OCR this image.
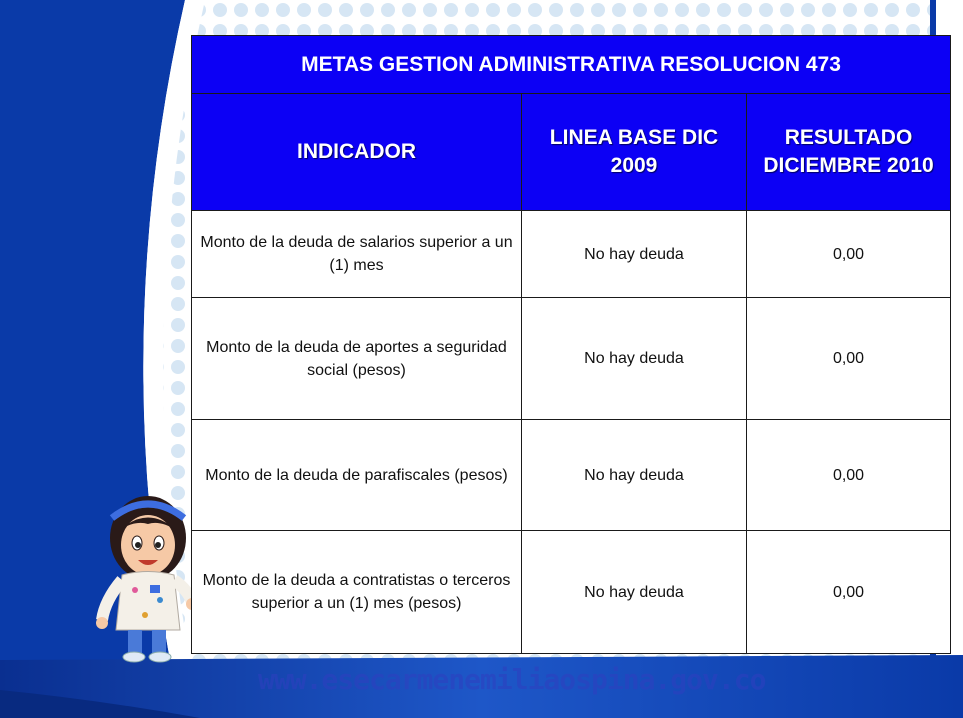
METAS GESTION ADMINISTRATIVA RESOLUCION 473		
INDICADOR	LINEA BASE DIC 2009	RESULTADO DICIEMBRE 2010
Monto de la deuda de salarios superior a un (1) mes	No hay deuda	0,00
Monto de la deuda de aportes a seguridad social (pesos)	No hay deuda	0,00
Monto de la deuda de parafiscales (pesos)	No hay deuda	0,00
Monto de la deuda a contratistas o terceros superior a un (1) mes (pesos)	No hay deuda	0,00
www.esecarmenemiliaospina.gov.co
